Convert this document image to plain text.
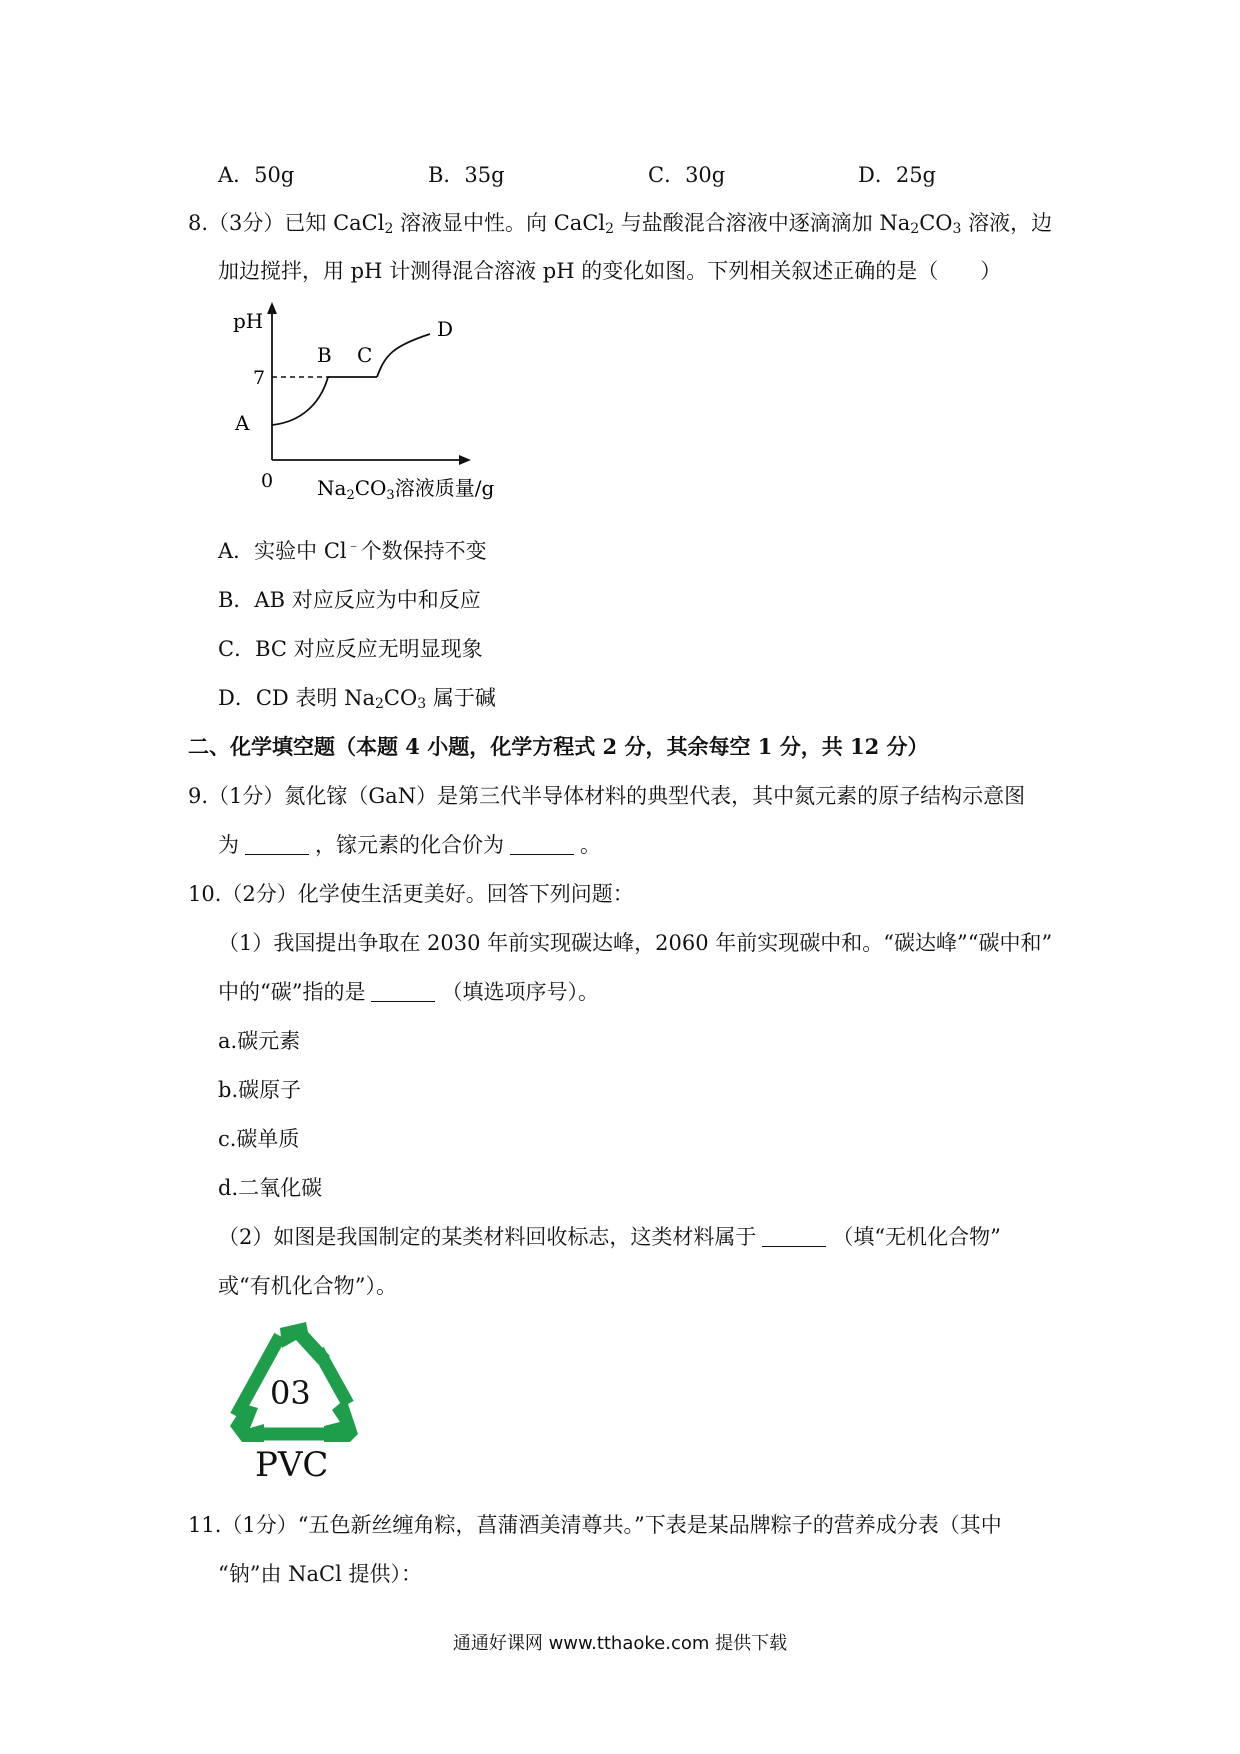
A．50g	B．35g	C．30g	D．25g
8.（3分）已知 CaCl$_2$ 溶液显中性。向 CaCl$_2$ 与盐酸混合溶液中逐滴滴加 $Na_2CO_3$ 溶液，边
加边搅拌，用 pH 计测得混合溶液 pH 的变化如图。下列相关叙述正确的是（　　）
pH
7
0
A
B C
D
$Na_2CO_3$溶液质量/g
A．实验中 Cl﹣个数保持不变
B．AB 对应反应为中和反应
C．BC 对应反应无明显现象
D．CD 表明 $Na_2CO_3$ 属于碱
二、化学填空题（本题 4 小题，化学方程式 2 分，其余每空 1 分，共 12 分）
9.（1分）氮化镓（GaN）是第三代半导体材料的典型代表，其中氮元素的原子结构示意图
为	，镓元素的化合价为	。
10.（2分）化学使生活更美好。回答下列问题：
（1）我国提出争取在 2030 年前实现碳达峰，2060 年前实现碳中和。“碳达峰”“碳中和”
中的“碳”指的是	（填选项序号）。
a.碳元素
b.碳原子
c.碳单质
d.二氧化碳
（2）如图是我国制定的某类材料回收标志，这类材料属于	（填“无机化合物”
或“有机化合物”）。
03
PVC
11.（1分）“五色新丝缠角粽，菖蒲酒美清尊共。”下表是某品牌粽子的营养成分表（其中
“钠”由 NaCl 提供）：
通通好课网 www.tthaoke.com 提供下载
